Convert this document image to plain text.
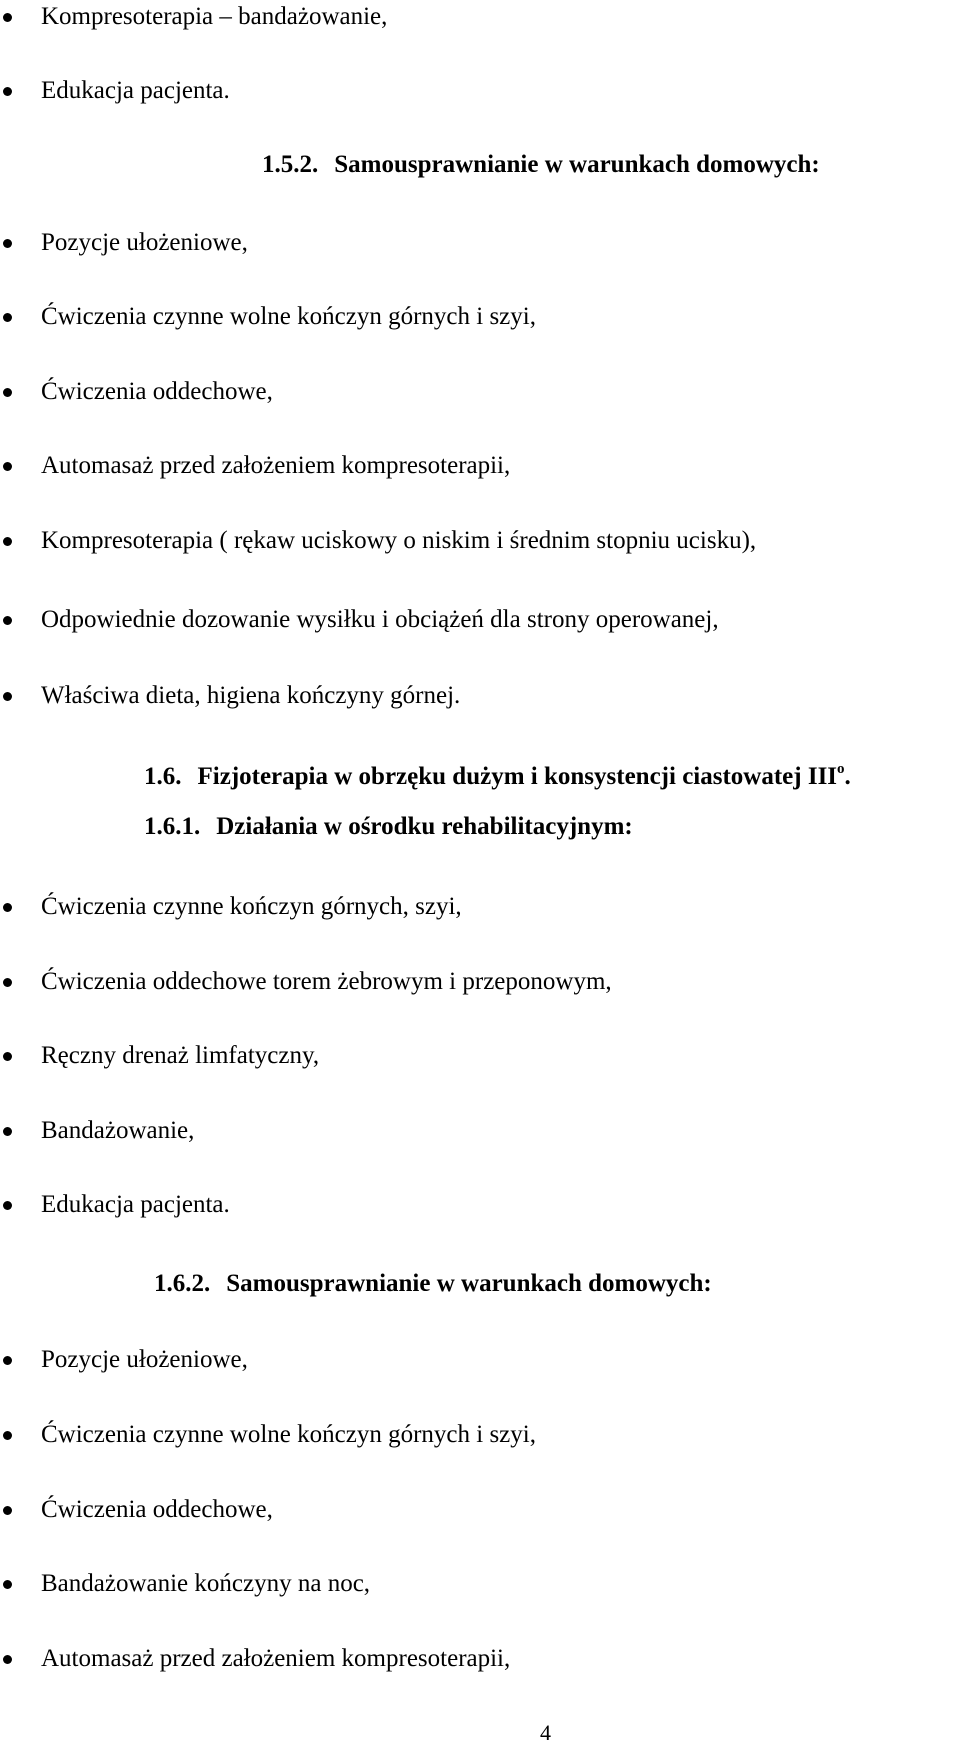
Kompresoterapia – bandażowanie,
Edukacja pacjenta.
1.5.2. Samousprawnianie w warunkach domowych:
Pozycje ułożeniowe,
Ćwiczenia czynne wolne kończyn górnych i szyi,
Ćwiczenia oddechowe,
Automasaż przed założeniem kompresoterapii,
Kompresoterapia ( rękaw uciskowy o niskim i średnim stopniu ucisku),
Odpowiednie dozowanie wysiłku i obciążeń dla strony operowanej,
Właściwa dieta, higiena kończyny górnej.
1.6. Fizjoterapia w obrzęku dużym i konsystencji ciastowatej III$^o$.
1.6.1. Działania w ośrodku rehabilitacyjnym:
Ćwiczenia czynne kończyn górnych, szyi,
Ćwiczenia oddechowe torem żebrowym i przeponowym,
Ręczny drenaż limfatyczny,
Bandażowanie,
Edukacja pacjenta.
1.6.2. Samousprawnianie w warunkach domowych:
Pozycje ułożeniowe,
Ćwiczenia czynne wolne kończyn górnych i szyi,
Ćwiczenia oddechowe,
Bandażowanie kończyny na noc,
Automasaż przed założeniem kompresoterapii,
4
